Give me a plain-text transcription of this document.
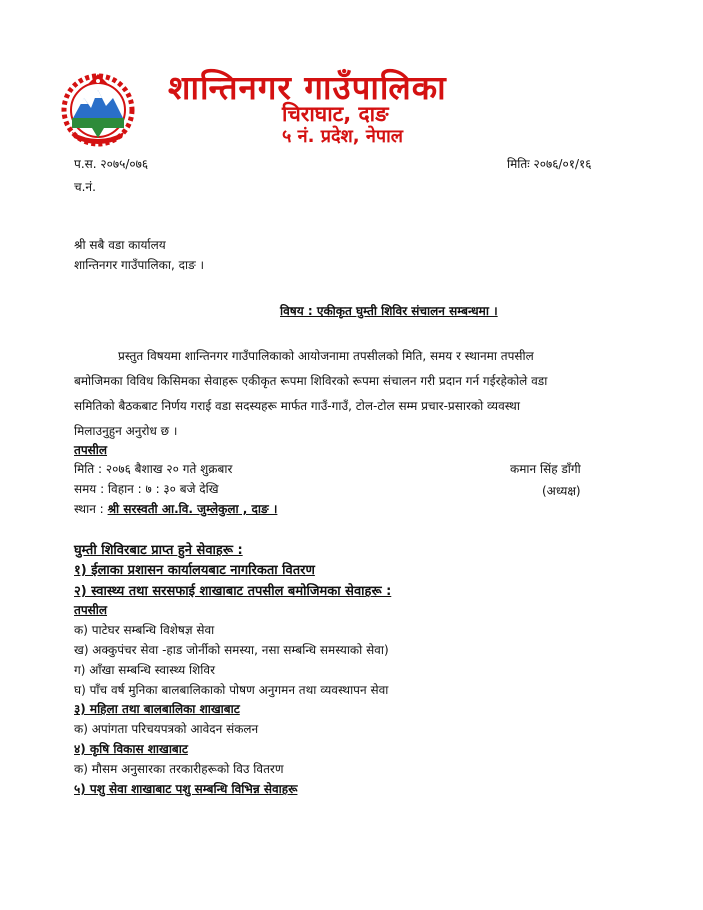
शान्तिनगर गाउँपालिका
चिराघाट, दाङ
५ नं. प्रदेश, नेपाल
प.स. २०७५/०७६	मितिः २०७६/०१/१६
च.नं.
श्री सबै वडा कार्यालय
शान्तिनगर गाउँपालिका, दाङ ।
विषय : एकीकृत घुम्ती शिविर संचालन सम्बन्धमा ।
प्रस्तुत विषयमा शान्तिनगर गाउँपालिकाको आयोजनामा तपसीलको मिति, समय र स्थानमा तपसील
बमोजिमका विविध किसिमका सेवाहरू एकीकृत रूपमा शिविरको रूपमा संचालन गरी प्रदान गर्न गईरहेकोले वडा
समितिको बैठकबाट निर्णय गराई वडा सदस्यहरू मार्फत गाउँ-गाउँ, टोल-टोल सम्म प्रचार-प्रसारको व्यवस्था
मिलाउनुहुन अनुरोध छ ।
तपसील
मिति : २०७६ बैशाख २० गते शुक्रबार
समय : विहान : ७ : ३० बजे देखि
स्थान : श्री सरस्वती आ.वि. जुम्लेकुला , दाङ ।
कमान सिंह डाँगी
(अध्यक्ष)
घुम्ती शिविरबाट प्राप्त हुने सेवाहरू :
१) ईलाका प्रशासन कार्यालयबाट नागरिकता वितरण
२) स्वास्थ्य तथा सरसफाई शाखाबाट तपसील बमोजिमका सेवाहरू :
तपसील
क) पाटेघर सम्बन्धि विशेषज्ञ सेवा
ख) अक्कुपंचर सेवा -हाड जोर्नीको समस्या, नसा सम्बन्धि समस्याको सेवा)
ग) आँखा सम्बन्धि स्वास्थ्य शिविर
घ) पाँच वर्ष मुनिका बालबालिकाको पोषण अनुगमन तथा व्यवस्थापन सेवा
३) महिला तथा बालबालिका शाखाबाट
क) अपांगता परिचयपत्रको आवेदन संकलन
४) कृषि विकास शाखाबाट
क) मौसम अनुसारका तरकारीहरूको विउ वितरण
५) पशु सेवा शाखाबाट पशु सम्बन्धि विभिन्न सेवाहरू
